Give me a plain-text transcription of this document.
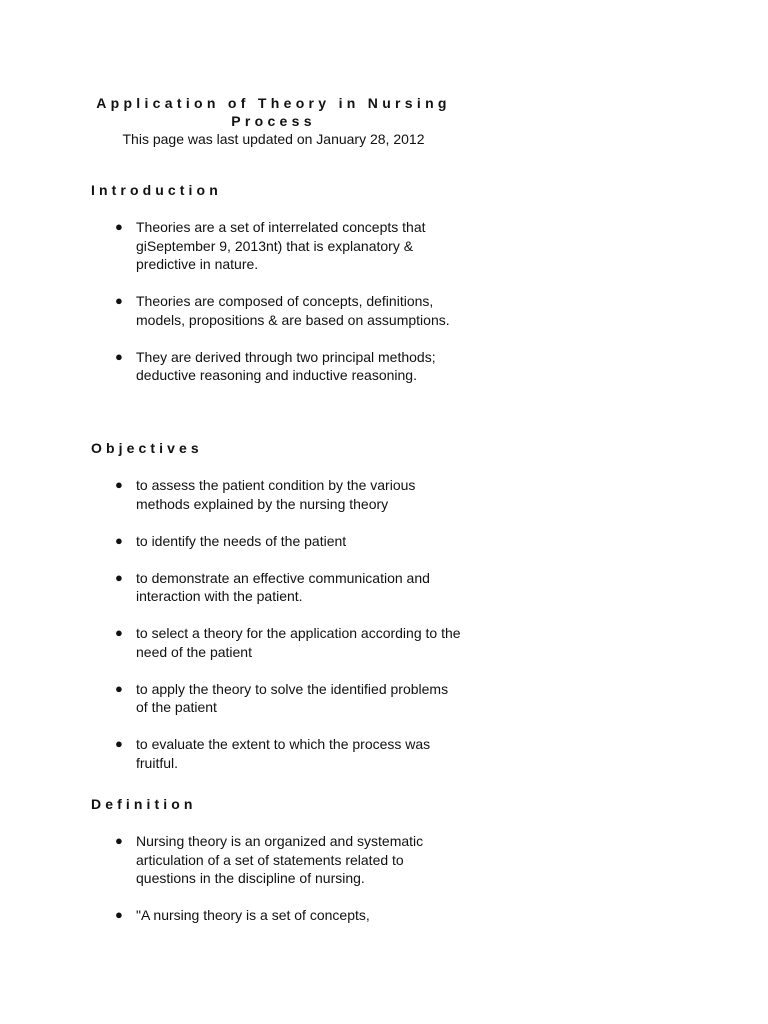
Application of Theory in Nursing Process

This page was last updated on January 28, 2012

Introduction
● Theories are a set of interrelated concepts that giSeptember 9, 2013nt) that is explanatory & predictive in nature.
● Theories are composed of concepts, definitions, models, propositions & are based on assumptions.
● They are derived through two principal methods; deductive reasoning and inductive reasoning.
Objectives
● to assess the patient condition by the various methods explained by the nursing theory
● to identify the needs of the patient
● to demonstrate an effective communication and interaction with the patient.
● to select a theory for the application according to the need of the patient
● to apply the theory to solve the identified problems of the patient
● to evaluate the extent to which the process was fruitful.
Definition
● Nursing theory is an organized and systematic articulation of a set of statements related to questions in the discipline of nursing.
● "A nursing theory is a set of concepts,
